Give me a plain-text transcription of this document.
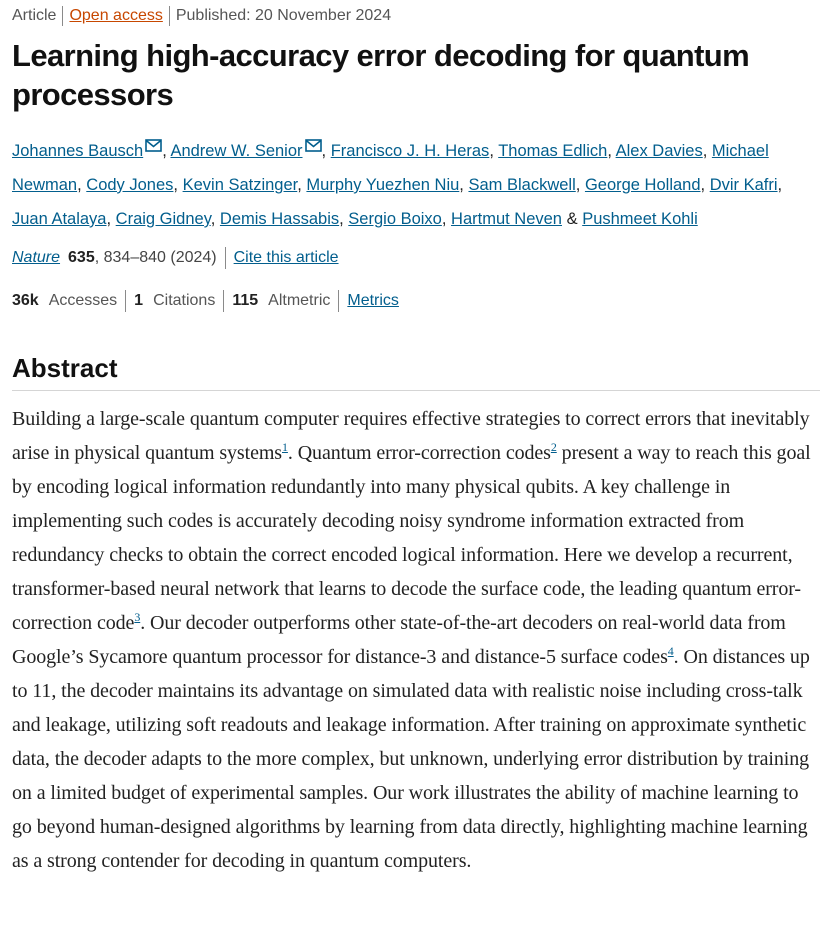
Article Open access Published: 20 November 2024
Learning high-accuracy error decoding for quantum processors
Johannes Bausch , Andrew W. Senior , Francisco J. H. Heras, Thomas Edlich, Alex Davies, Michael Newman, Cody Jones, Kevin Satzinger, Murphy Yuezhen Niu, Sam Blackwell, George Holland, Dvir Kafri, Juan Atalaya, Craig Gidney, Demis Hassabis, Sergio Boixo, Hartmut Neven & Pushmeet Kohli
Nature 635 , 834–840 (2024) Cite this article
36k Accesses 1 Citations 115 Altmetric Metrics
Abstract
Building a large-scale quantum computer requires effective strategies to correct errors that inevitably arise in physical quantum systems$^1$. Quantum error-correction codes$^2$ present a way to reach this goal by encoding logical information redundantly into many physical qubits. A key challenge in implementing such codes is accurately decoding noisy syndrome information extracted from redundancy checks to obtain the correct encoded logical information. Here we develop a recurrent, transformer-based neural network that learns to decode the surface code, the leading quantum error-correction code$^3$. Our decoder outperforms other state-of-the-art decoders on real-world data from Google’s Sycamore quantum processor for distance-3 and distance-5 surface codes$^4$. On distances up to 11, the decoder maintains its advantage on simulated data with realistic noise including cross-talk and leakage, utilizing soft readouts and leakage information. After training on approximate synthetic data, the decoder adapts to the more complex, but unknown, underlying error distribution by training on a limited budget of experimental samples. Our work illustrates the ability of machine learning to go beyond human-designed algorithms by learning from data directly, highlighting machine learning as a strong contender for decoding in quantum computers.
